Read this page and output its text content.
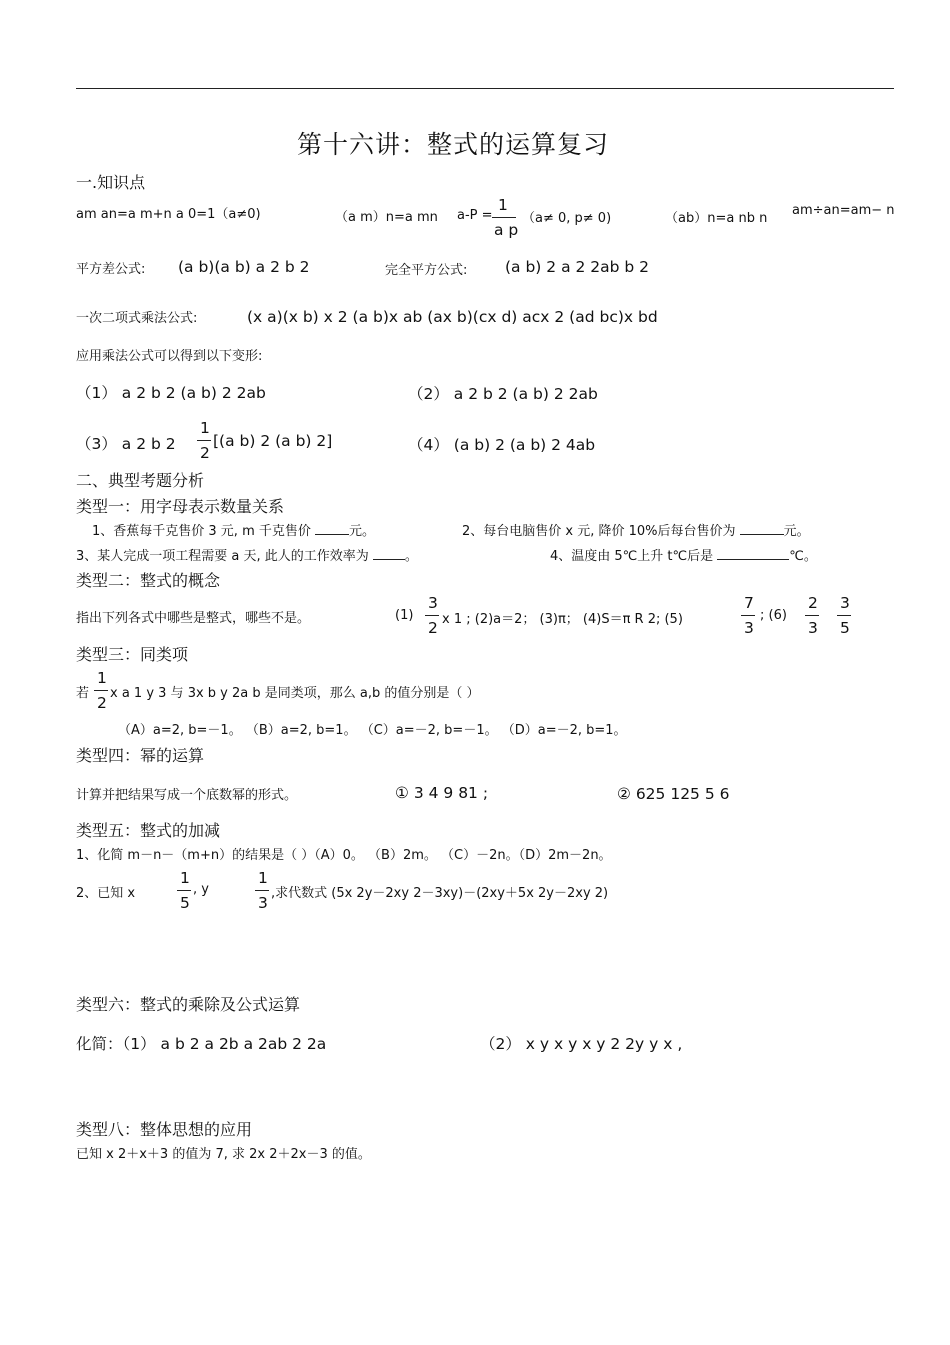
第十六讲：整式的运算复习
一.知识点
am an=a m+n a 0=1（a≠0)	（a m）n=a mn a-P =
1
a p
（a≠ 0, p≠ 0)	（ab）n=a nb n
am÷an=am− n
平方差公式: (a b)(a b) a 2 b 2	完全平方公式: (a b) 2 a 2 2ab b 2
一次二项式乘法公式:	(x a)(x b) x 2 (a b)x ab (ax b)(cx d) acx 2 (ad bc)x bd
应用乘法公式可以得到以下变形:
（1） a 2 b 2 (a b) 2 2ab	（2） a 2 b 2 (a b) 2 2ab
（3） a 2 b 2
1
2
[(a b) 2 (a b) 2]	（4） (a b) 2 (a b) 2 4ab
二、典型考题分析
类型一：用字母表示数量关系
1、香蕉每千克售价 3 元, m 千克售价	元。	2、每台电脑售价 x 元, 降价 10%后每台售价为	元。
3、某人完成一项工程需要 a 天, 此人的工作效率为	。	4、温度由 5℃上升 t℃后是	℃。
类型二：整式的概念
指出下列各式中哪些是整式，哪些不是。	(1)
3
2 x 1 ; (2)a＝2； (3)π； (4)S＝π R 2; (5)
7
3
; (6)
2
3
3
5
类型三：同类项
若
1
2
x a 1 y 3 与 3x b y 2a b 是同类项，那么 a,b 的值分别是（ ）
（A）a=2, b=－1。 （B）a=2, b=1。 （C）a=－2, b=－1。 （D）a=－2, b=1。
类型四：幂的运算
计算并把结果写成一个底数幂的形式。	① 3 4 9 81 ;	② 625 125 5 6
类型五：整式的加减
1、化简 m－n－（m+n）的结果是（ ）（A）0。 （B）2m。 （C）－2n。（D）2m－2n。
2、已知 x
1
5
, y
1
3
,求代数式 (5x 2y－2xy 2－3xy)－(2xy＋5x 2y－2xy 2)
类型六：整式的乘除及公式运算
化简：（1） a b 2 a 2b a 2ab 2 2a	（2） x y x y x y 2 2y y x ,
类型八：整体思想的应用
已知 x 2＋x＋3 的值为 7, 求 2x 2＋2x－3 的值。
